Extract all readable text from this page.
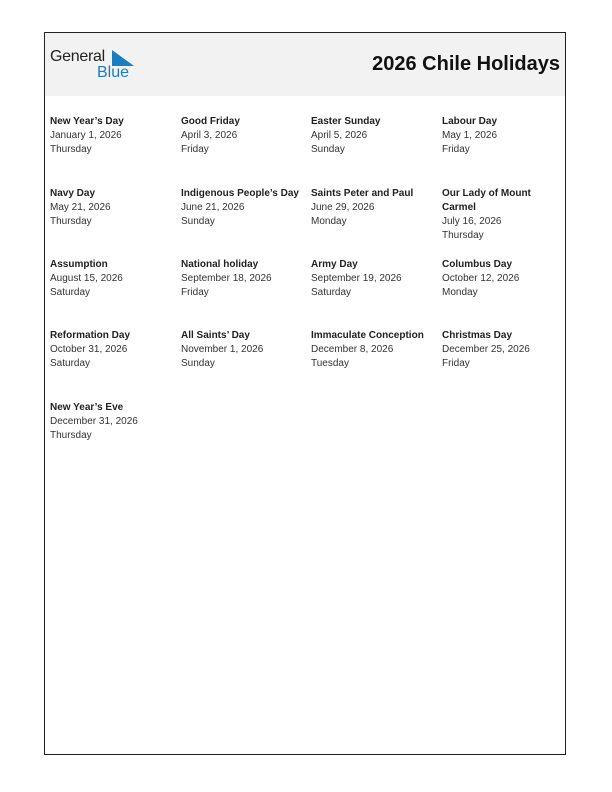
General
Blue	2026 Chile Holidays
New Year’s Day
January 1, 2026
Thursday
Good Friday
April 3, 2026
Friday
Easter Sunday
April 5, 2026
Sunday
Labour Day
May 1, 2026
Friday
Navy Day
May 21, 2026
Thursday
Indigenous People’s Day
June 21, 2026
Sunday
Saints Peter and Paul
June 29, 2026
Monday
Our Lady of Mount Carmel
July 16, 2026
Thursday
Assumption
August 15, 2026
Saturday
National holiday
September 18, 2026
Friday
Army Day
September 19, 2026
Saturday
Columbus Day
October 12, 2026
Monday
Reformation Day
October 31, 2026
Saturday
All Saints’ Day
November 1, 2026
Sunday
Immaculate Conception
December 8, 2026
Tuesday
Christmas Day
December 25, 2026
Friday
New Year’s Eve
December 31, 2026
Thursday
